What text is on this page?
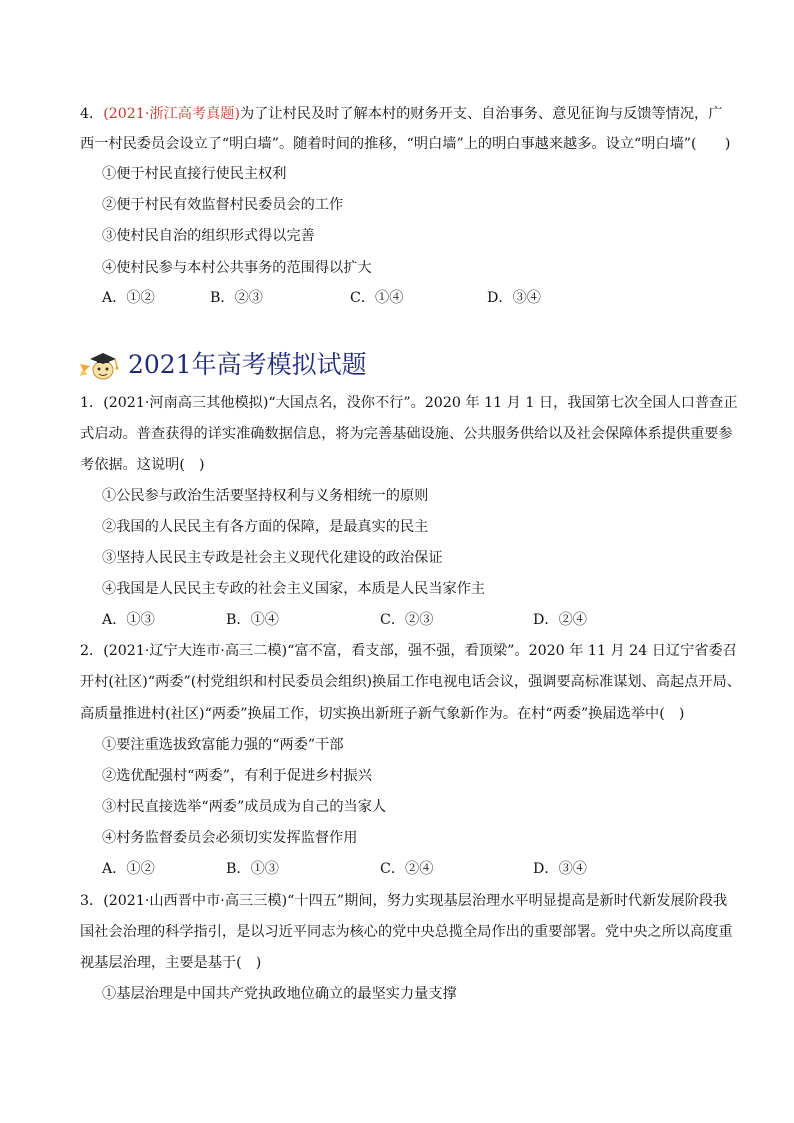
4．(2021·浙江高考真题)为了让村民及时了解本村的财务开支、自治事务、意见征询与反馈等情况，广
西一村民委员会设立了“明白墙”。随着时间的推移，“明白墙”上的明白事越来越多。设立“明白墙”(　　)
①便于村民直接行使民主权利
②便于村民有效监督村民委员会的工作
③使村民自治的组织形式得以完善
④使村民参与本村公共事务的范围得以扩大
A．①②	B．②③	C．①④	D．③④
2021年高考模拟试题
1．(2021·河南高三其他模拟)“大国点名，没你不行”。2020 年 11 月 1 日，我国第七次全国人口普查正
式启动。普查获得的详实准确数据信息，将为完善基础设施、公共服务供给以及社会保障体系提供重要参
考依据。这说明(　)
①公民参与政治生活要坚持权利与义务相统一的原则
②我国的人民民主有各方面的保障，是最真实的民主
③坚持人民民主专政是社会主义现代化建设的政治保证
④我国是人民民主专政的社会主义国家，本质是人民当家作主
A．①③	B．①④	C．②③	D．②④
2．(2021·辽宁大连市·高三二模)“富不富，看支部，强不强，看顶梁”。2020 年 11 月 24 日辽宁省委召
开村(社区)“两委”(村党组织和村民委员会组织)换届工作电视电话会议，强调要高标准谋划、高起点开局、
高质量推进村(社区)“两委”换届工作，切实换出新班子新气象新作为。在村“两委”换届选举中(　)
①要注重选拔致富能力强的“两委”干部
②选优配强村“两委”，有利于促进乡村振兴
③村民直接选举“两委”成员成为自己的当家人
④村务监督委员会必须切实发挥监督作用
A．①②	B．①③	C．②④	D．③④
3．(2021·山西晋中市·高三三模)“十四五”期间，努力实现基层治理水平明显提高是新时代新发展阶段我
国社会治理的科学指引，是以习近平同志为核心的党中央总揽全局作出的重要部署。党中央之所以高度重
视基层治理，主要是基于(　)
①基层治理是中国共产党执政地位确立的最坚实力量支撑
